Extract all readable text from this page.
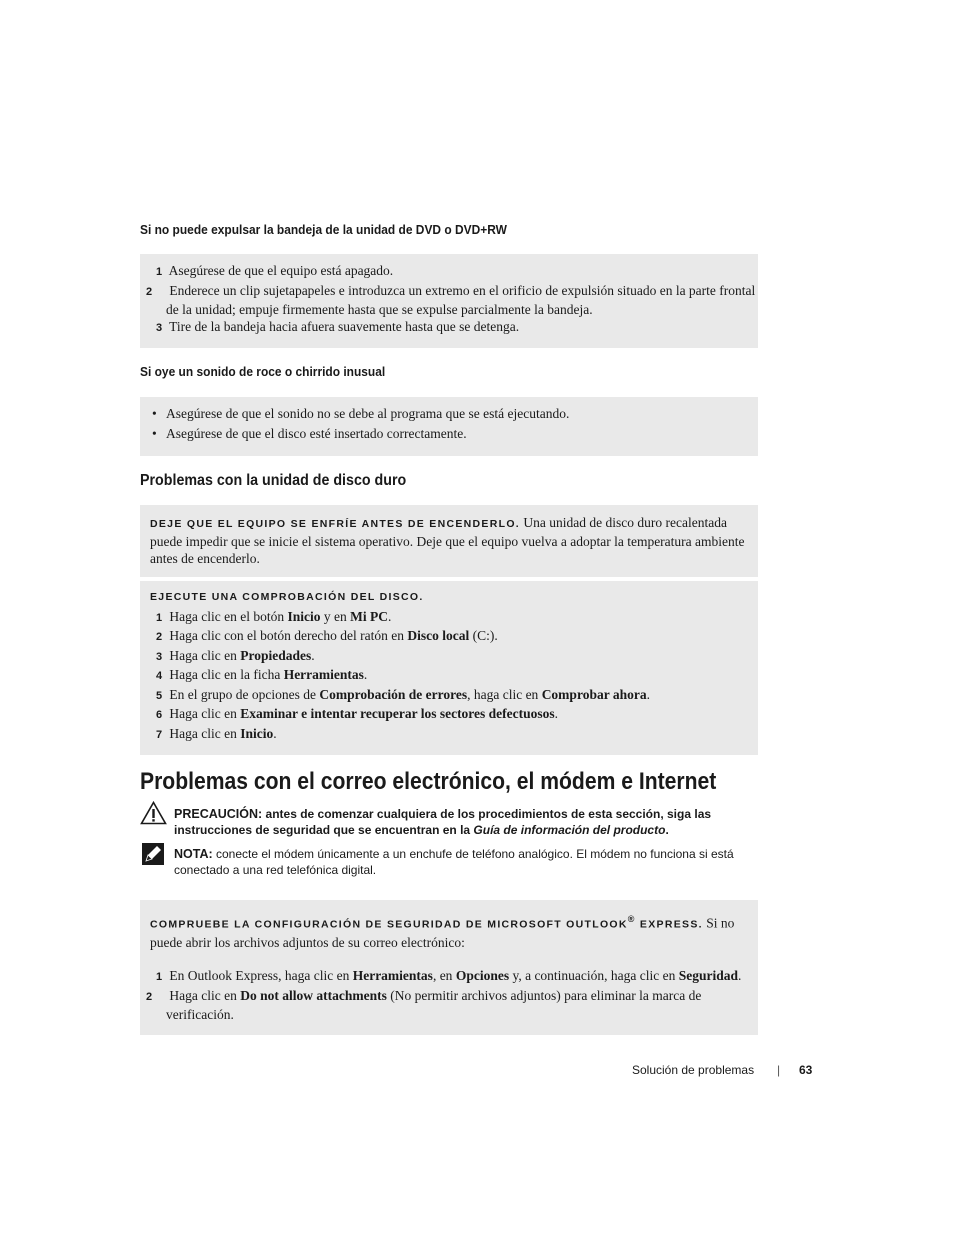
Si no puede expulsar la bandeja de la unidad de DVD o DVD+RW
1 Asegúrese de que el equipo está apagado.
2 Enderece un clip sujetapapeles e introduzca un extremo en el orificio de expulsión situado en la parte frontal de la unidad; empuje firmemente hasta que se expulse parcialmente la bandeja.
3 Tire de la bandeja hacia afuera suavemente hasta que se detenga.
Si oye un sonido de roce o chirrido inusual
• Asegúrese de que el sonido no se debe al programa que se está ejecutando.
• Asegúrese de que el disco esté insertado correctamente.
Problemas con la unidad de disco duro
DEJE QUE EL EQUIPO SE ENFRÍE ANTES DE ENCENDERLO. Una unidad de disco duro recalentada puede impedir que se inicie el sistema operativo. Deje que el equipo vuelva a adoptar la temperatura ambiente antes de encenderlo.
EJECUTE UNA COMPROBACIÓN DEL DISCO.
1 Haga clic en el botón Inicio y en Mi PC.
2 Haga clic con el botón derecho del ratón en Disco local (C:).
3 Haga clic en Propiedades.
4 Haga clic en la ficha Herramientas.
5 En el grupo de opciones de Comprobación de errores, haga clic en Comprobar ahora.
6 Haga clic en Examinar e intentar recuperar los sectores defectuosos.
7 Haga clic en Inicio.
Problemas con el correo electrónico, el módem e Internet
PRECAUCIÓN: antes de comenzar cualquiera de los procedimientos de esta sección, siga las instrucciones de seguridad que se encuentran en la Guía de información del producto.
NOTA: conecte el módem únicamente a un enchufe de teléfono analógico. El módem no funciona si está conectado a una red telefónica digital.
COMPRUEBE LA CONFIGURACIÓN DE SEGURIDAD DE MICROSOFT OUTLOOK® EXPRESS. Si no puede abrir los archivos adjuntos de su correo electrónico:
1 En Outlook Express, haga clic en Herramientas, en Opciones y, a continuación, haga clic en Seguridad.
2 Haga clic en Do not allow attachments (No permitir archivos adjuntos) para eliminar la marca de verificación.
Solución de problemas | 63
